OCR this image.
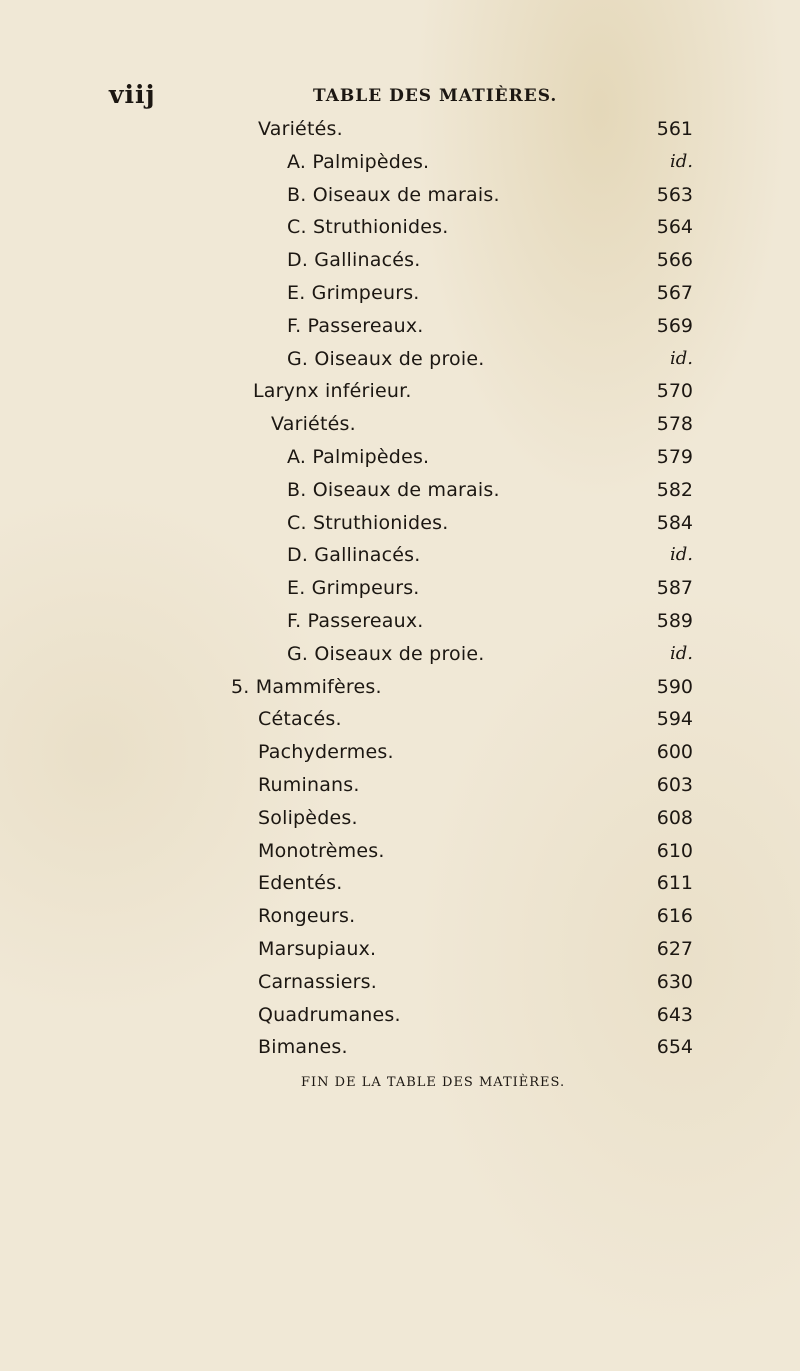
viij	TABLE DES MATIÈRES.
Variétés.	561
A. Palmipèdes.	id.
B. Oiseaux de marais.	563
C. Struthionides.	564
D. Gallinacés.	566
E. Grimpeurs.	567
F. Passereaux.	569
G. Oiseaux de proie.	id.
Larynx inférieur.	570
Variétés.	578
A. Palmipèdes.	579
B. Oiseaux de marais.	582
C. Struthionides.	584
D. Gallinacés.	id.
E. Grimpeurs.	587
F. Passereaux.	589
G. Oiseaux de proie.	id.
5. Mammifères.	590
Cétacés.	594
Pachydermes.	600
Ruminans.	603
Solipèdes.	608
Monotrèmes.	610
Edentés.	611
Rongeurs.	616
Marsupiaux.	627
Carnassiers.	630
Quadrumanes.	643
Bimanes.	654
FIN DE LA TABLE DES MATIÈRES.
